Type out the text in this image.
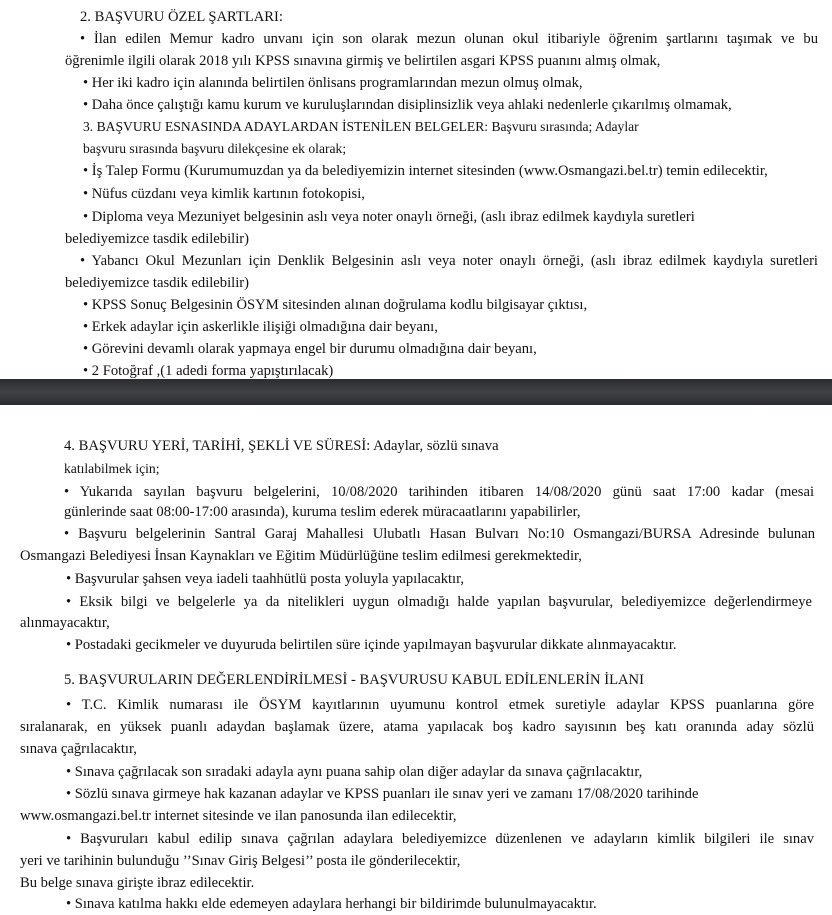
2. BAŞVURU ÖZEL ŞARTLARI:
• İlan edilen Memur kadro unvanı için son olarak mezun olunan okul itibariyle öğrenim şartlarını taşımak ve bu
öğrenimle ilgili olarak 2018 yılı KPSS sınavına girmiş ve belirtilen asgari KPSS puanını almış olmak,
• Her iki kadro için alanında belirtilen önlisans programlarından mezun olmuş olmak,
• Daha önce çalıştığı kamu kurum ve kuruluşlarından disiplinsizlik veya ahlaki nedenlerle çıkarılmış olmamak,
3. BAŞVURU ESNASINDA ADAYLARDAN İSTENİLEN BELGELER: Başvuru sırasında; Adaylar
başvuru sırasında başvuru dilekçesine ek olarak;
• İş Talep Formu (Kurumumuzdan ya da belediyemizin internet sitesinden (www.Osmangazi.bel.tr) temin edilecektir,
• Nüfus cüzdanı veya kimlik kartının fotokopisi,
• Diploma veya Mezuniyet belgesinin aslı veya noter onaylı örneği, (aslı ibraz edilmek kaydıyla suretleri
belediyemizce tasdik edilebilir)
• Yabancı Okul Mezunları için Denklik Belgesinin aslı veya noter onaylı örneği, (aslı ibraz edilmek kaydıyla suretleri
belediyemizce tasdik edilebilir)
• KPSS Sonuç Belgesinin ÖSYM sitesinden alınan doğrulama kodlu bilgisayar çıktısı,
• Erkek adaylar için askerlikle ilişiği olmadığına dair beyanı,
• Görevini devamlı olarak yapmaya engel bir durumu olmadığına dair beyanı,
• 2 Fotoğraf ,(1 adedi forma yapıştırılacak)
4. BAŞVURU YERİ, TARİHİ, ŞEKLİ VE SÜRESİ: Adaylar, sözlü sınava
katılabilmek için;
• Yukarıda sayılan başvuru belgelerini, 10/08/2020 tarihinden itibaren 14/08/2020 günü saat 17:00 kadar (mesai
günlerinde saat 08:00-17:00 arasında), kuruma teslim ederek müracaatlarını yapabilirler,
• Başvuru belgelerinin Santral Garaj Mahallesi Ulubatlı Hasan Bulvarı No:10 Osmangazi/BURSA Adresinde bulunan
Osmangazi Belediyesi İnsan Kaynakları ve Eğitim Müdürlüğüne teslim edilmesi gerekmektedir,
• Başvurular şahsen veya iadeli taahhütlü posta yoluyla yapılacaktır,
• Eksik bilgi ve belgelerle ya da nitelikleri uygun olmadığı halde yapılan başvurular, belediyemizce değerlendirmeye
alınmayacaktır,
• Postadaki gecikmeler ve duyuruda belirtilen süre içinde yapılmayan başvurular dikkate alınmayacaktır.
5. BAŞVURULARIN DEĞERLENDİRİLMESİ - BAŞVURUSU KABUL EDİLENLERİN İLANI
• T.C. Kimlik numarası ile ÖSYM kayıtlarının uyumunu kontrol etmek suretiyle adaylar KPSS puanlarına göre
sıralanarak, en yüksek puanlı adaydan başlamak üzere, atama yapılacak boş kadro sayısının beş katı oranında aday sözlü
sınava çağrılacaktır,
• Sınava çağrılacak son sıradaki adayla aynı puana sahip olan diğer adaylar da sınava çağrılacaktır,
• Sözlü sınava girmeye hak kazanan adaylar ve KPSS puanları ile sınav yeri ve zamanı 17/08/2020 tarihinde
www.osmangazi.bel.tr internet sitesinde ve ilan panosunda ilan edilecektir,
• Başvuruları kabul edilip sınava çağrılan adaylara belediyemizce düzenlenen ve adayların kimlik bilgileri ile sınav
yeri ve tarihinin bulunduğu ’’Sınav Giriş Belgesi’’ posta ile gönderilecektir,
Bu belge sınava girişte ibraz edilecektir.
• Sınava katılma hakkı elde edemeyen adaylara herhangi bir bildirimde bulunulmayacaktır.
